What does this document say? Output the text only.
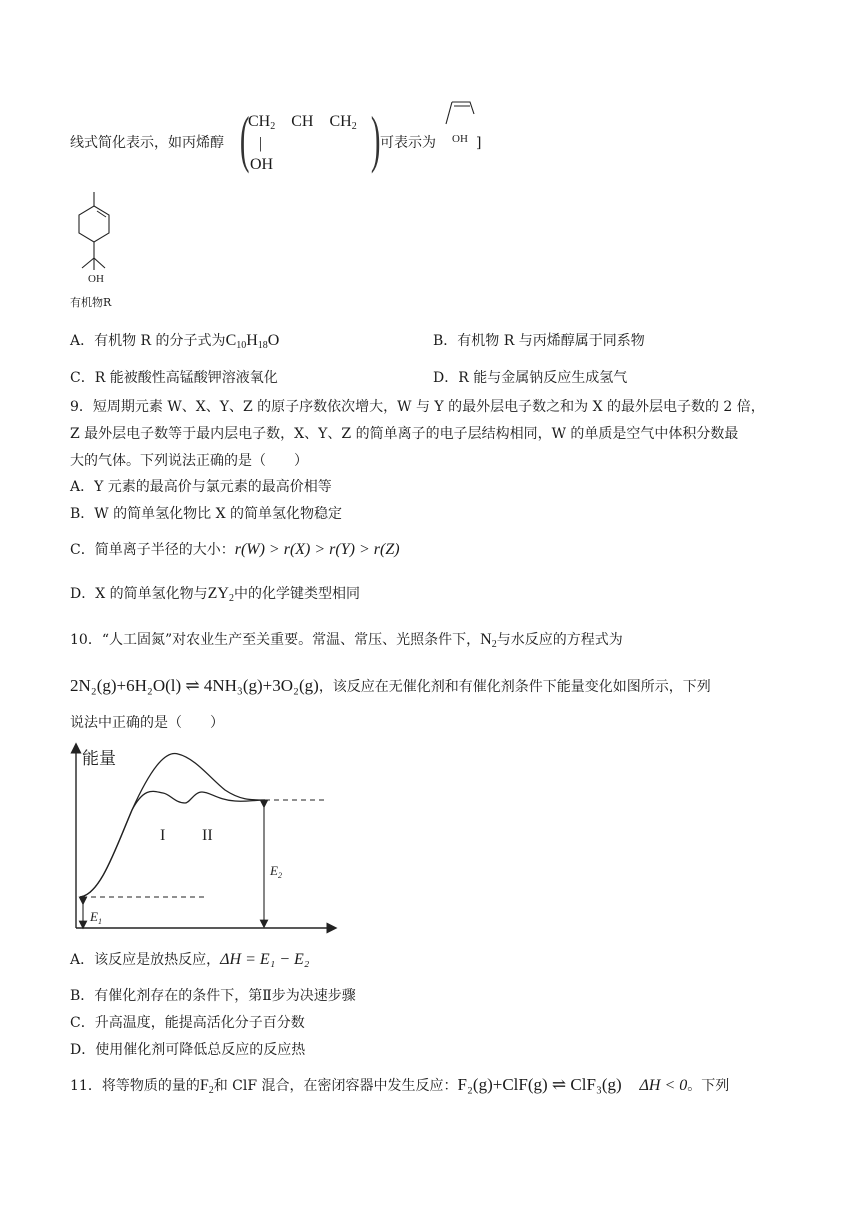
线式简化表示，如丙烯醇 (
$CH_2$ CH $CH_2$
|
OH ) 可表示为 OH ]
OH
有机物R
A．有机物 R 的分子式为$C_{10}H_{18}O$	B．有机物 R 与丙烯醇属于同系物
C．R 能被酸性高锰酸钾溶液氧化	D．R 能与金属钠反应生成氢气
9．短周期元素 W、X、Y、Z 的原子序数依次增大，W 与 Y 的最外层电子数之和为 X 的最外层电子数的 2 倍，
Z 最外层电子数等于最内层电子数，X、Y、Z 的简单离子的电子层结构相同，W 的单质是空气中体积分数最
大的气体。下列说法正确的是（　　）
A．Y 元素的最高价与氯元素的最高价相等
B．W 的简单氢化物比 X 的简单氢化物稳定
C．简单离子半径的大小：r(W) > r(X) > r(Y) > r(Z)
D．X 的简单氢化物与$ZY_2$中的化学键类型相同
10．“人工固氮”对农业生产至关重要。常温、常压、光照条件下，$N_2$与水反应的方程式为
2N₂(g)+6H₂O(l) ⇌ 4NH₃(g)+3O₂(g)，该反应在无催化剂和有催化剂条件下能量变化如图所示，下列
说法中正确的是（　　）
能量
$E_2$
$E_1$
I II
A．该反应是放热反应，ΔH = E₁ − E₂
B．有催化剂存在的条件下，第Ⅱ步为决速步骤
C．升高温度，能提高活化分子百分数
D．使用催化剂可降低总反应的反应热
11．将等物质的量的$F_2$和 ClF 混合，在密闭容器中发生反应：F₂(g)+ClF(g) ⇌ ClF₃(g) ΔH < 0。下列
